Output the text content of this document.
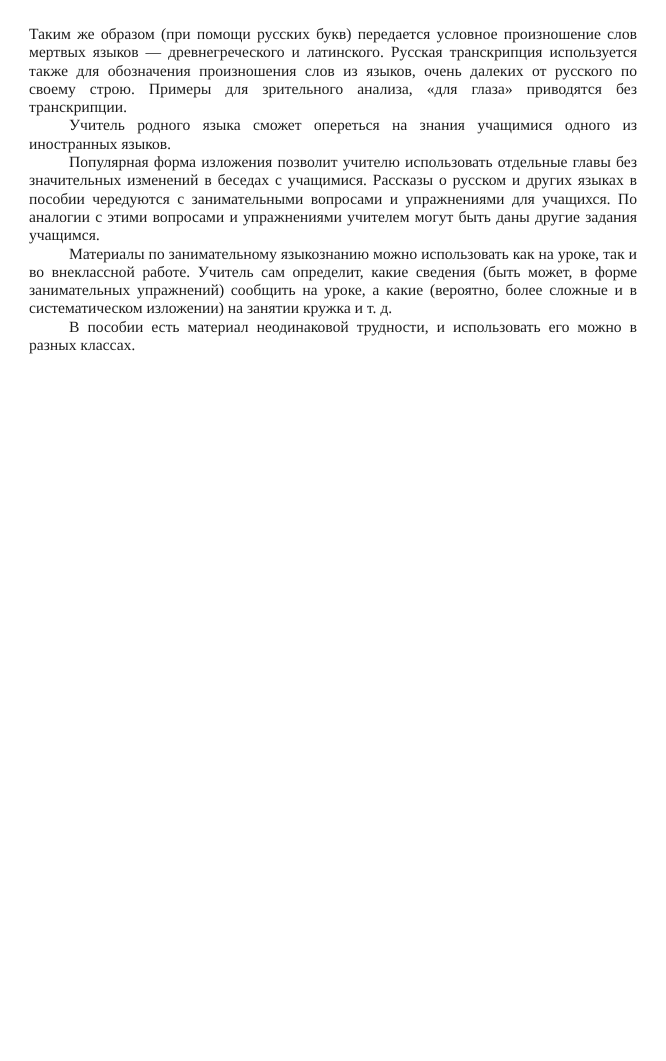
Таким же образом (при помощи русских букв) передается условное произношение слов мертвых языков — древнегреческого и латинского. Русская транскрипция используется также для обозначения произношения слов из языков, очень далеких от русского по своему строю. Примеры для зрительного анализа, «для глаза» приводятся без транскрипции.

Учитель родного языка сможет опереться на знания учащимися одного из иностранных языков.

Популярная форма изложения позволит учителю использовать отдельные главы без значительных изменений в беседах с учащимися. Рассказы о русском и других языках в пособии чередуются с занимательными вопросами и упражнениями для учащихся. По аналогии с этими вопросами и упражнениями учителем могут быть даны другие задания учащимся.

Материалы по занимательному языкознанию можно использовать как на уроке, так и во внеклассной работе. Учитель сам определит, какие сведения (быть может, в форме занимательных упражнений) сообщить на уроке, а какие (вероятно, более сложные и в систематическом изложении) на занятии кружка и т. д.

В пособии есть материал неодинаковой трудности, и использовать его можно в разных классах.
